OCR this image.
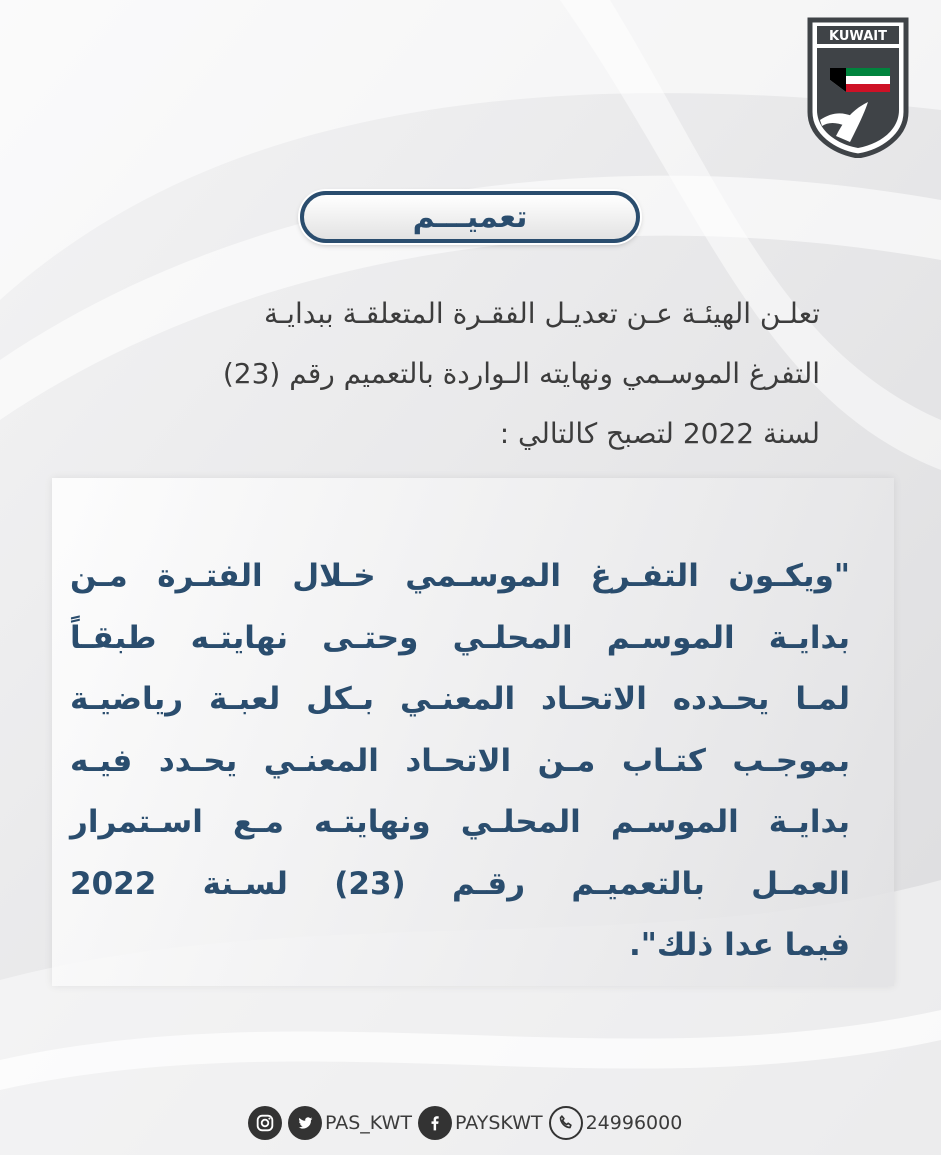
KUWAIT
تعميـــم
تعلـن الهيئـة عـن تعديـل الفقـرة المتعلقـة ببدايـة
التفرغ الموسـمي ونهايته الـواردة بالتعميم رقم (23)
لسنة 2022 لتصبح كالتالي :
"ويكـون التفـرغ الموسـمي خـلال الفتـرة مـن
بدايـة الموسـم المحلـي وحتـى نهايتـه طبقـاً
لمـا يحـدده الاتحـاد المعنـي بـكل لعبـة رياضيـة
بموجـب كتـاب مـن الاتحـاد المعنـي يحـدد فيـه
بدايـة الموسـم المحلـي ونهايتـه مـع اسـتمرار
العمـل بالتعميـم رقـم (23) لسـنة 2022
فيما عدا ذلك".
PAS_KWT PAYSKWT 24996000
